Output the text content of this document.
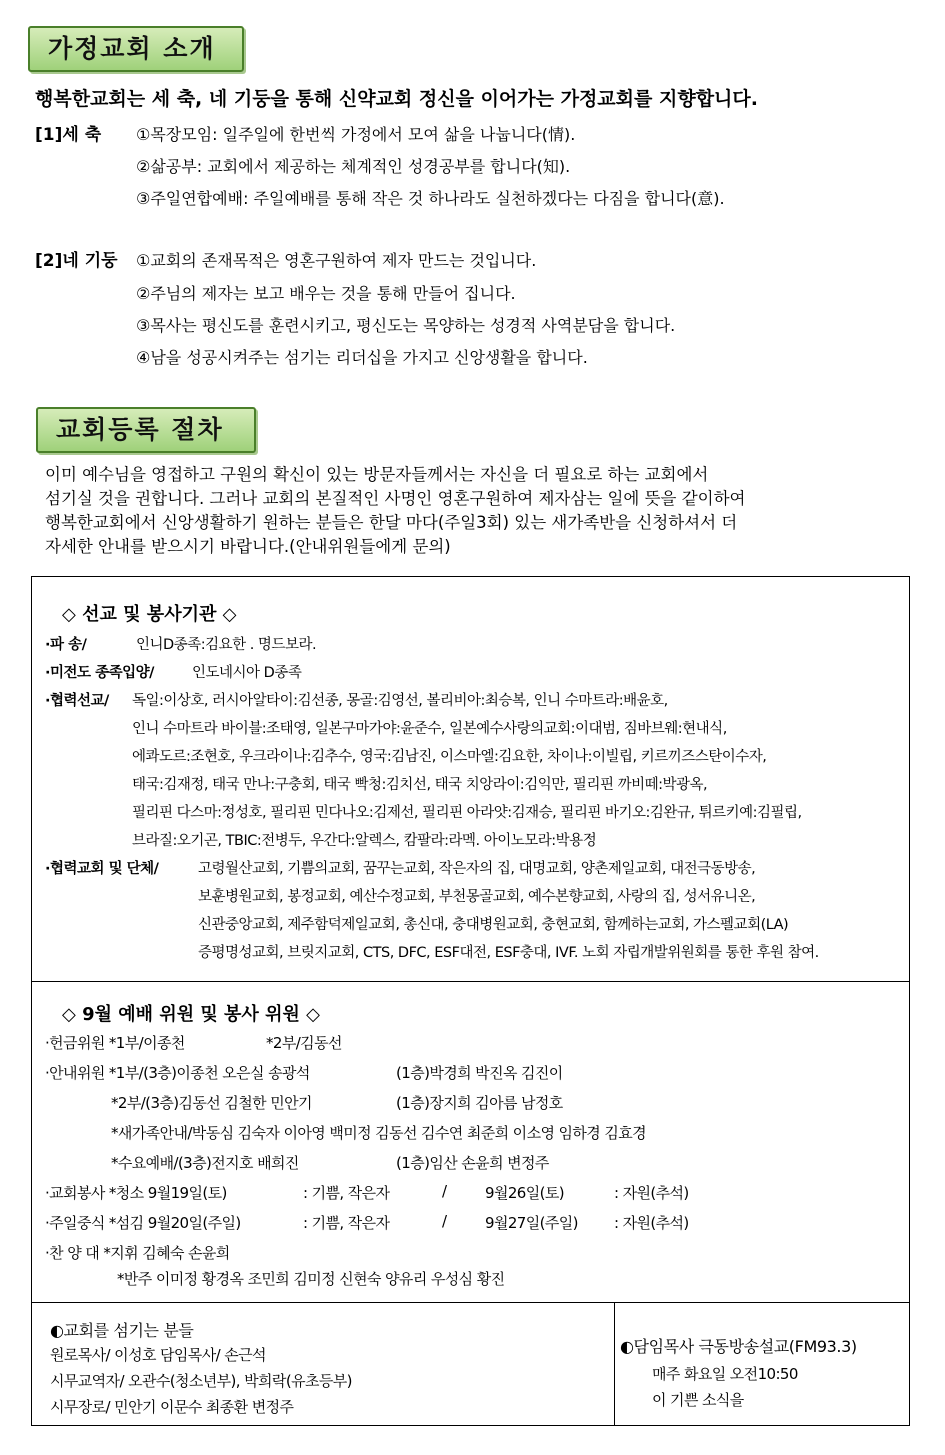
가정교회 소개
행복한교회는 세 축, 네 기둥을 통해 신약교회 정신을 이어가는 가정교회를 지향합니다.
[1]세 축 ①목장모임: 일주일에 한번씩 가정에서 모여 삶을 나눕니다(情).
②삶공부: 교회에서 제공하는 체계적인 성경공부를 합니다(知).
③주일연합예배: 주일예배를 통해 작은 것 하나라도 실천하겠다는 다짐을 합니다(意).
[2]네 기둥 ①교회의 존재목적은 영혼구원하여 제자 만드는 것입니다.
②주님의 제자는 보고 배우는 것을 통해 만들어 집니다.
③목사는 평신도를 훈련시키고, 평신도는 목양하는 성경적 사역분담을 합니다.
④남을 성공시켜주는 섬기는 리더십을 가지고 신앙생활을 합니다.
교회등록 절차
이미 예수님을 영접하고 구원의 확신이 있는 방문자들께서는 자신을 더 필요로 하는 교회에서
섬기실 것을 권합니다. 그러나 교회의 본질적인 사명인 영혼구원하여 제자삼는 일에 뜻을 같이하여
행복한교회에서 신앙생활하기 원하는 분들은 한달 마다(주일3회) 있는 새가족반을 신청하셔서 더
자세한 안내를 받으시기 바랍니다.(안내위원들에게 문의)
◇ 선교 및 봉사기관 ◇
·파 송/	인니D종족:김요한 . 명드보라.
·미전도 종족입양/	인도네시아 D종족
·협력선교/ 독일:이상호, 러시아알타이:김선종, 몽골:김영선, 볼리비아:최승복, 인니 수마트라:배윤호,
인니 수마트라 바이블:조태영, 일본구마가야:윤준수, 일본예수사랑의교회:이대범, 짐바브웨:현내식,
에콰도르:조현호, 우크라이나:김추수, 영국:김남진, 이스마엘:김요한, 차이나:이빌립, 키르끼즈스탄이수자,
태국:김재정, 태국 만나:구충회, 태국 빡청:김치선, 태국 치앙라이:김익만, 필리핀 까비떼:박광옥,
필리핀 다스마:정성호, 필리핀 민다나오:김제선, 필리핀 아라얏:김재승, 필리핀 바기오:김완규, 튀르키예:김필립,
브라질:오기곤, TBIC:전병두, 우간다:알렉스, 캄팔라:라멕. 아이노모라:박용정
·협력교회 및 단체/	고령월산교회, 기쁨의교회, 꿈꾸는교회, 작은자의 집, 대명교회, 양촌제일교회, 대전극동방송,
보훈병원교회, 봉정교회, 예산수정교회, 부천몽골교회, 예수본향교회, 사랑의 집, 성서유니온,
신관중앙교회, 제주함덕제일교회, 총신대, 충대병원교회, 충현교회, 함께하는교회, 가스펠교회(LA)
증평명성교회, 브릿지교회, CTS, DFC, ESF대전, ESF충대, IVF. 노회 자립개발위원회를 통한 후원 참여.
◇ 9월 예배 위원 및 봉사 위원 ◇
·헌금위원 *1부/이종천	*2부/김동선
·안내위원 *1부/(3층)이종천 오은실 송광석	(1층)박경희 박진옥 김진이
*2부/(3층)김동선 김철한 민안기	(1층)장지희 김아름 남정호
*새가족안내/박동심 김숙자 이아영 백미정 김동선 김수연 최준희 이소영 임하경 김효경
*수요예배/(3층)전지호 배희진	(1층)임산 손윤희 변정주
·교회봉사 *청소 9월19일(토)	: 기쁨, 작은자	/	9월26일(토)	: 자원(추석)
·주일중식 *섬김 9월20일(주일)	: 기쁨, 작은자	/	9월27일(주일) : 자원(추석)
·찬 양 대 *지휘 김혜숙 손윤희
*반주 이미정 황경옥 조민희 김미정 신현숙 양유리 우성심 황진
◐교회를 섬기는 분들
원로목사/ 이성호 담임목사/ 손근석
시무교역자/ 오관수(청소년부), 박희락(유초등부)
시무장로/ 민안기 이문수 최종환 변정주
◐담임목사 극동방송설교(FM93.3)
매주 화요일 오전10:50
이 기쁜 소식을
